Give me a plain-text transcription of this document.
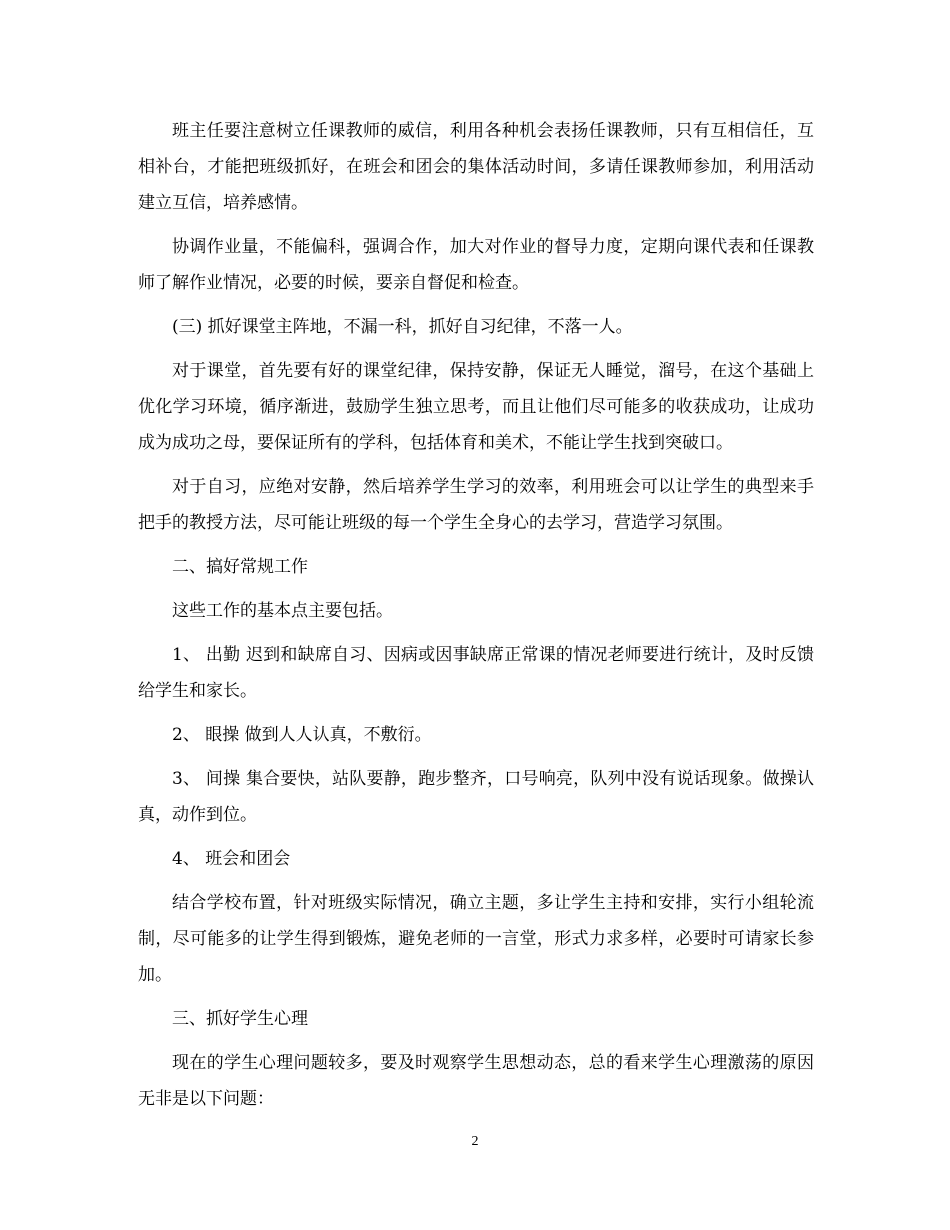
班主任要注意树立任课教师的威信，利用各种机会表扬任课教师，只有互相信任，互相补台，才能把班级抓好，在班会和团会的集体活动时间，多请任课教师参加，利用活动建立互信，培养感情。

协调作业量，不能偏科，强调合作，加大对作业的督导力度，定期向课代表和任课教师了解作业情况，必要的时候，要亲自督促和检查。

(三) 抓好课堂主阵地，不漏一科，抓好自习纪律，不落一人。

对于课堂，首先要有好的课堂纪律，保持安静，保证无人睡觉，溜号，在这个基础上优化学习环境，循序渐进，鼓励学生独立思考，而且让他们尽可能多的收获成功，让成功成为成功之母，要保证所有的学科，包括体育和美术，不能让学生找到突破口。

对于自习，应绝对安静，然后培养学生学习的效率，利用班会可以让学生的典型来手把手的教授方法，尽可能让班级的每一个学生全身心的去学习，营造学习氛围。

二、搞好常规工作

这些工作的基本点主要包括。

1、 出勤 迟到和缺席自习、因病或因事缺席正常课的情况老师要进行统计，及时反馈给学生和家长。

2、 眼操 做到人人认真，不敷衍。

3、 间操 集合要快，站队要静，跑步整齐，口号响亮，队列中没有说话现象。做操认真，动作到位。

4、 班会和团会

结合学校布置，针对班级实际情况，确立主题，多让学生主持和安排，实行小组轮流制，尽可能多的让学生得到锻炼，避免老师的一言堂，形式力求多样，必要时可请家长参加。

三、抓好学生心理

现在的学生心理问题较多，要及时观察学生思想动态，总的看来学生心理激荡的原因无非是以下问题：

2
